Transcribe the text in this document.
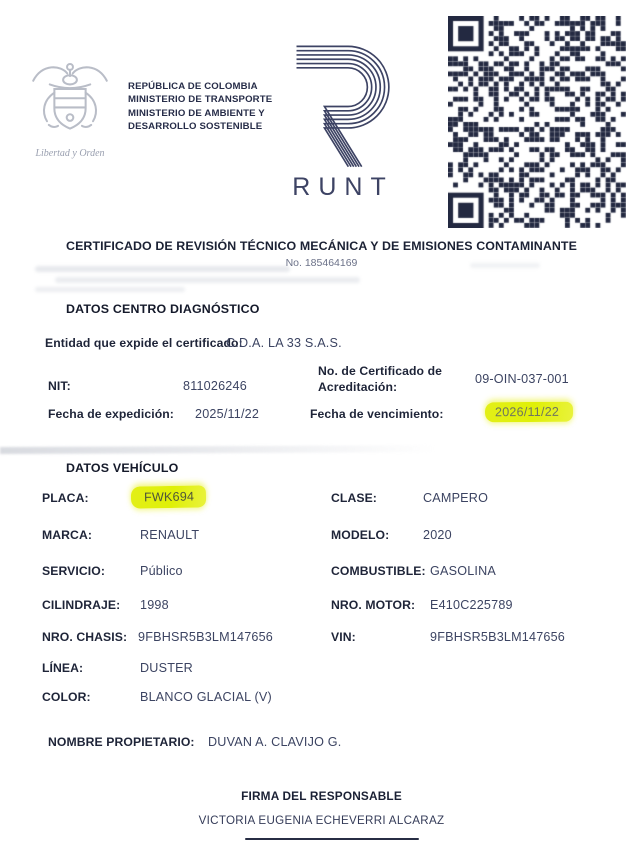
Libertad y Orden
REPÚBLICA DE COLOMBIA
MINISTERIO DE TRANSPORTE
MINISTERIO DE AMBIENTE Y
DESARROLLO SOSTENIBLE
RUNT
CERTIFICADO DE REVISIÓN TÉCNICO MECÁNICA Y DE EMISIONES CONTAMINANTE
No. 185464169
DATOS CENTRO DIAGNÓSTICO
Entidad que expide el certificado:
C.D.A. LA 33 S.A.S.
NIT:	811026246
No. de Certificado de
Acreditación:
09-OIN-037-001
Fecha de expedición: 2025/11/22	Fecha de vencimiento:	2026/11/22
DATOS VEHÍCULO
PLACA:	FWK694	CLASE:	CAMPERO
MARCA:	RENAULT	MODELO:	2020
SERVICIO:	Público	COMBUSTIBLE: GASOLINA
CILINDRAJE: 1998	NRO. MOTOR: E410C225789
NRO. CHASIS: 9FBHSR5B3LM147656	VIN:	9FBHSR5B3LM147656
LÍNEA:	DUSTER
COLOR:	BLANCO GLACIAL (V)
NOMBRE PROPIETARIO: DUVAN A. CLAVIJO G.
FIRMA DEL RESPONSABLE
VICTORIA EUGENIA ECHEVERRI ALCARAZ
